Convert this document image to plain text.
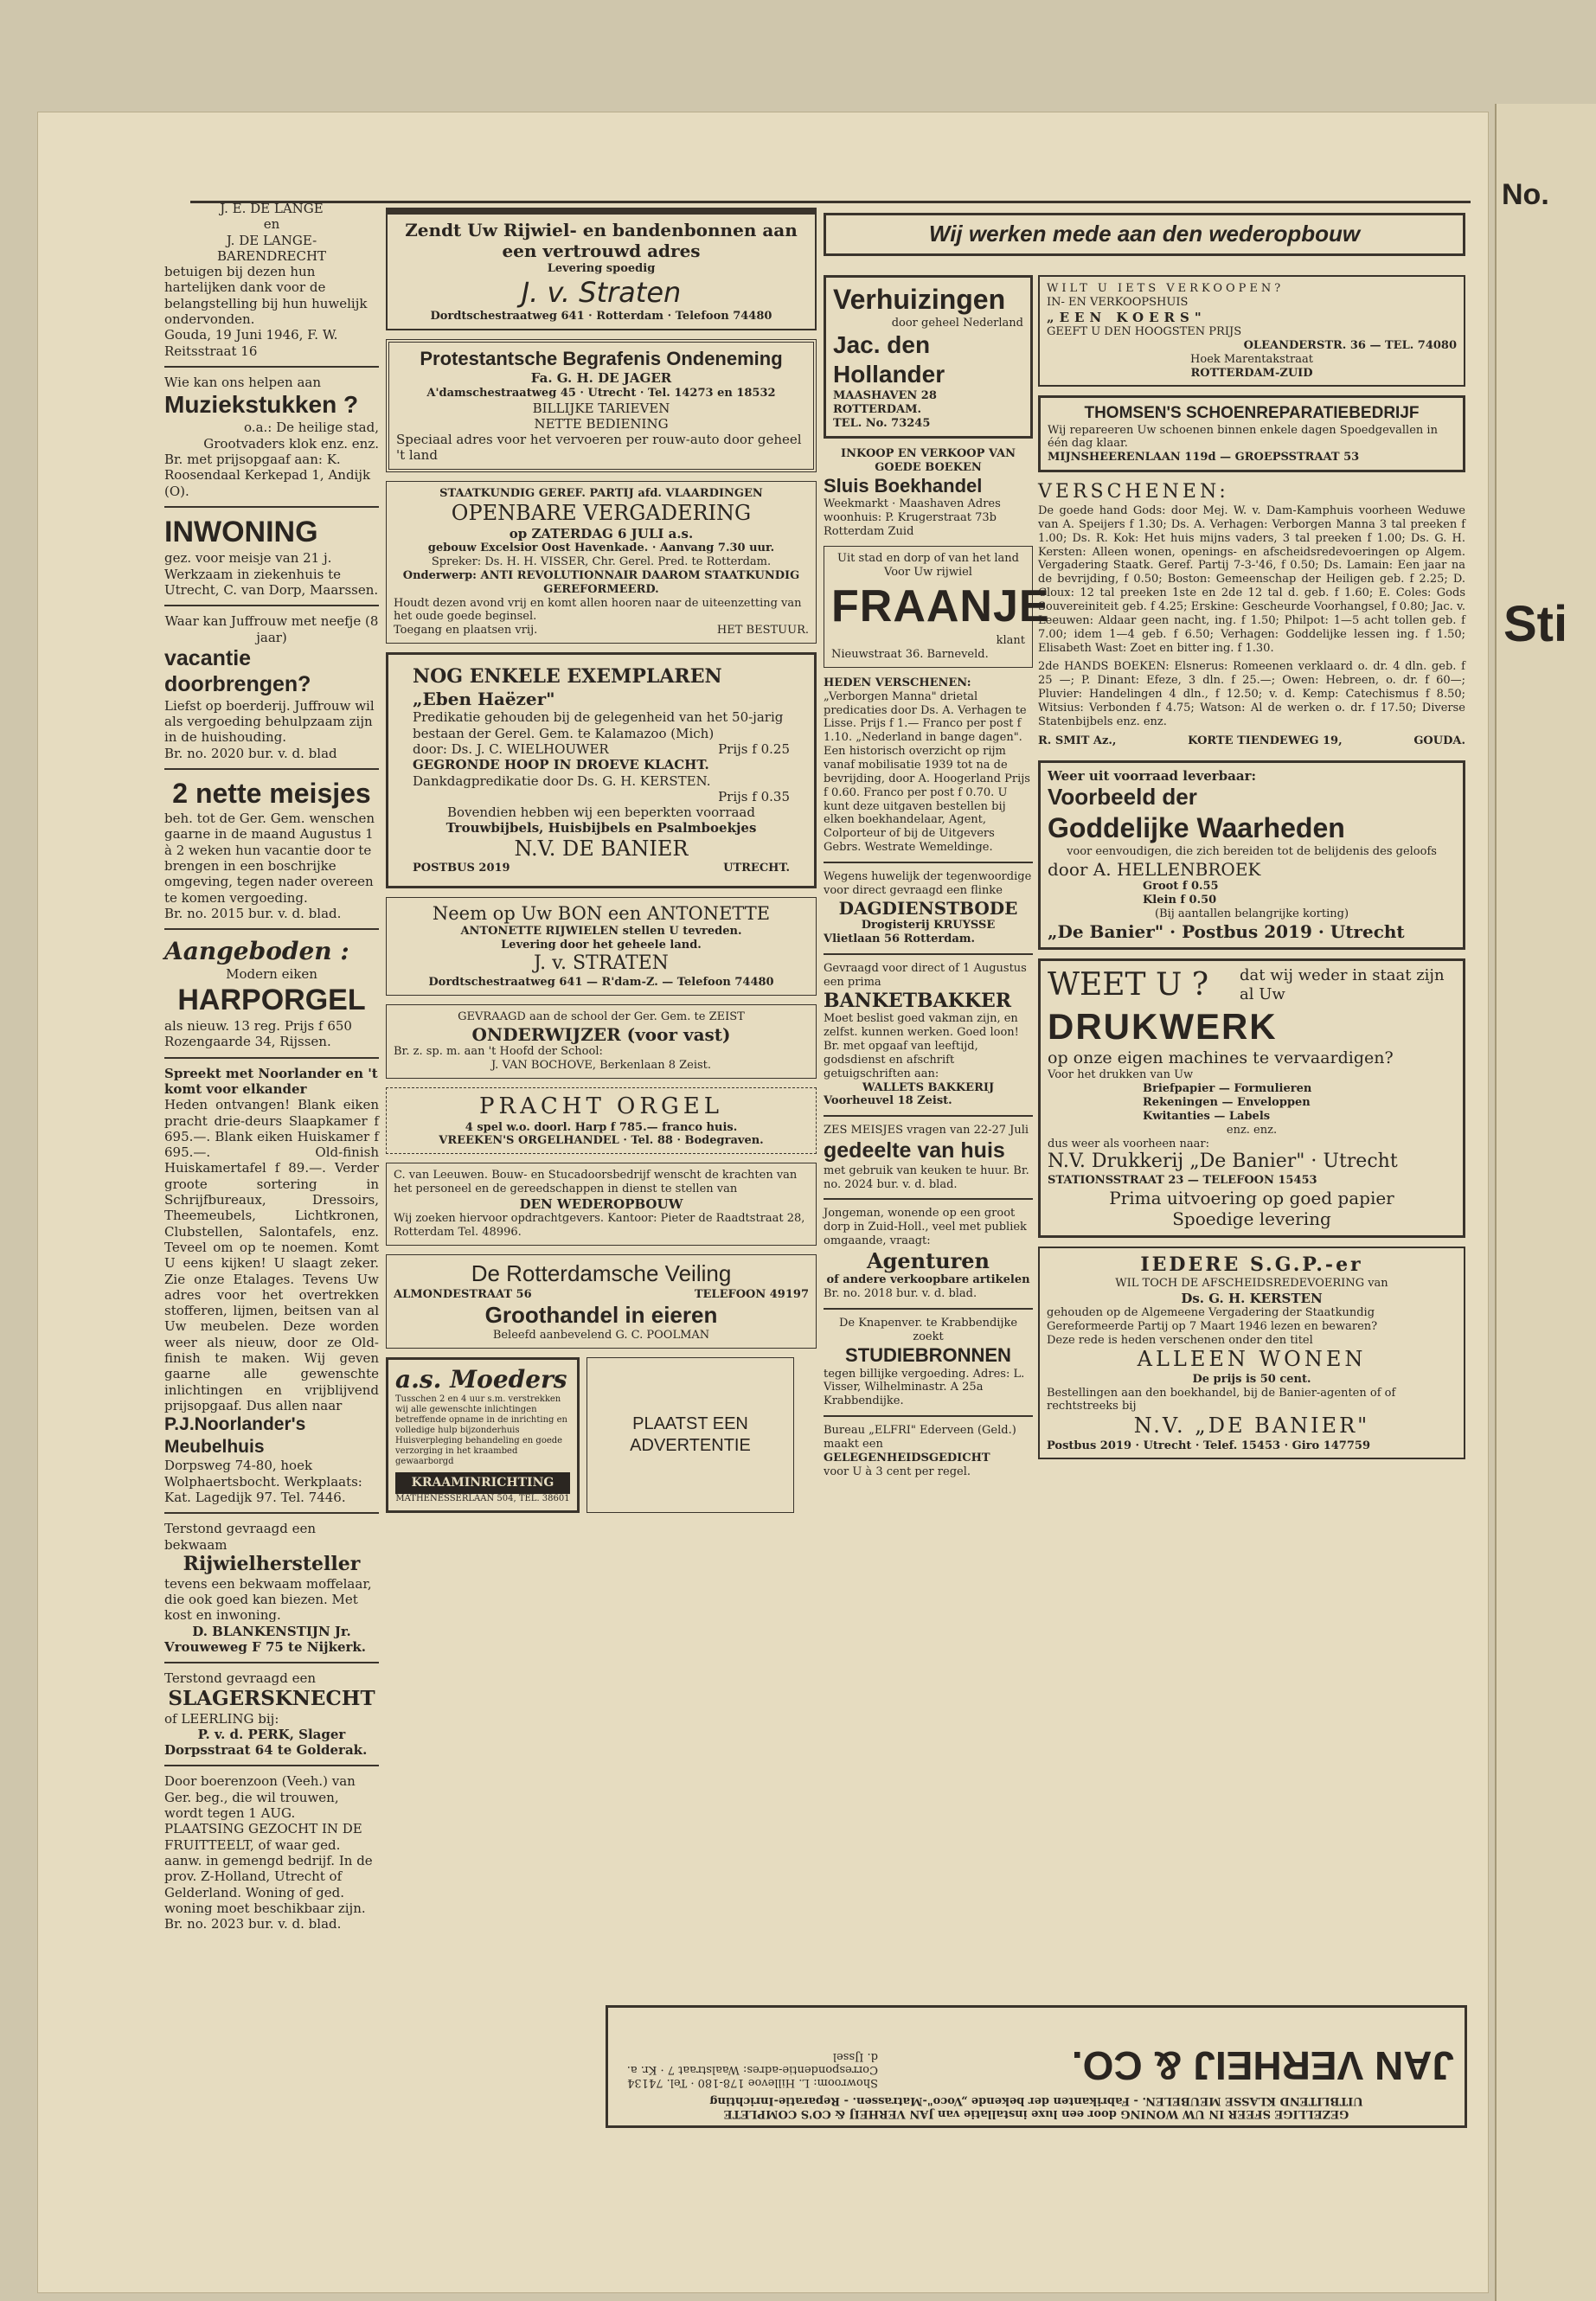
No.
Sti
J. E. DE LANGE
en
J. DE LANGE-
BARENDRECHT
betuigen bij dezen hun hartelijken dank voor de belangstelling bij hun huwelijk ondervonden.
Gouda, 19 Juni 1946, F. W. Reitsstraat 16
Wie kan ons helpen aan
Muziekstukken ?
o.a.: De heilige stad, Grootvaders klok enz. enz.
Br. met prijsopgaaf aan: K. Roosendaal Kerkepad 1, Andijk (O).
INWONING
gez. voor meisje van 21 j. Werkzaam in ziekenhuis te Utrecht, C. van Dorp, Maarssen.
Waar kan Juffrouw met neefje (8 jaar)
vacantie doorbrengen?
Liefst op boerderij. Juffrouw wil als vergoeding behulpzaam zijn in de huishouding.
Br. no. 2020 bur. v. d. blad
2 nette meisjes
beh. tot de Ger. Gem. wenschen gaarne in de maand Augustus 1 à 2 weken hun vacantie door te brengen in een boschrijke omgeving, tegen nader overeen te komen vergoeding.
Br. no. 2015 bur. v. d. blad.
Aangeboden :
Modern eiken
HARPORGEL
als nieuw. 13 reg. Prijs f 650 Rozengaarde 34, Rijssen.
Spreekt met Noorlander en 't komt voor elkander
Heden ontvangen! Blank eiken pracht drie-deurs Slaapkamer f 695.—. Blank eiken Huiskamer f 695.—. Old-finish Huiskamertafel f 89.—. Verder groote sortering in Schrijfbureaux, Dressoirs, Theemeubels, Lichtkronen, Clubstellen, Salontafels, enz. Teveel om op te noemen. Komt U eens kijken! U slaagt zeker. Zie onze Etalages. Tevens Uw adres voor het overtrekken stofferen, lijmen, beitsen van al Uw meubelen. Deze worden weer als nieuw, door ze Old-finish te maken. Wij geven gaarne alle gewenschte inlichtingen en vrijblijvend prijsopgaaf. Dus allen naar
P.J.Noorlander's Meubelhuis
Dorpsweg 74-80, hoek Wolphaertsbocht. Werkplaats: Kat. Lagedijk 97. Tel. 7446.
Terstond gevraagd een bekwaam
Rijwielhersteller
tevens een bekwaam moffelaar, die ook goed kan biezen. Met kost en inwoning.
D. BLANKENSTIJN Jr.
Vrouweweg F 75 te Nijkerk.
Terstond gevraagd een
SLAGERSKNECHT
of LEERLING bij:
P. v. d. PERK, Slager
Dorpsstraat 64 te Golderak.
Door boerenzoon (Veeh.) van Ger. beg., die wil trouwen, wordt tegen 1 AUG. PLAATSING GEZOCHT IN DE FRUITTEELT, of waar ged. aanw. in gemengd bedrijf. In de prov. Z-Holland, Utrecht of Gelderland. Woning of ged. woning moet beschikbaar zijn.
Br. no. 2023 bur. v. d. blad.
Zendt Uw Rijwiel- en bandenbonnen aan een vertrouwd adres
Levering spoedig
J. v. Straten
Dordtschestraatweg 641 · Rotterdam · Telefoon 74480
Protestantsche Begrafenis Ondeneming
Fa. G. H. DE JAGER
A'damschestraatweg 45 · Utrecht · Tel. 14273 en 18532
BILLIJKE TARIEVEN
NETTE BEDIENING
Speciaal adres voor het vervoeren per rouw-auto door geheel 't land
STAATKUNDIG GEREF. PARTIJ afd. VLAARDINGEN
OPENBARE VERGADERING
op ZATERDAG 6 JULI a.s.
gebouw Excelsior Oost Havenkade. · Aanvang 7.30 uur.
Spreker: Ds. H. H. VISSER, Chr. Gerel. Pred. te Rotterdam.
Onderwerp: ANTI REVOLUTIONNAIR DAAROM STAATKUNDIG GEREFORMEERD.
Houdt dezen avond vrij en komt allen hooren naar de uiteenzetting van het oude goede beginsel.
Toegang en plaatsen vrij.	HET BESTUUR.
NOG ENKELE EXEMPLAREN
„Eben Haëzer"
Predikatie gehouden bij de gelegenheid van het 50-jarig bestaan der Gerel. Gem. te Kalamazoo (Mich)
door: Ds. J. C. WIELHOUWER	Prijs f 0.25
GEGRONDE HOOP IN DROEVE KLACHT.
Dankdagpredikatie door Ds. G. H. KERSTEN.
Prijs f 0.35
Bovendien hebben wij een beperkten voorraad
Trouwbijbels, Huisbijbels en Psalmboekjes
N.V. DE BANIER
POSTBUS 2019	UTRECHT.
Neem op Uw BON een ANTONETTE
ANTONETTE RIJWIELEN stellen U tevreden.
Levering door het geheele land.
J. v. STRATEN
Dordtschestraatweg 641 — R'dam-Z. — Telefoon 74480
GEVRAAGD aan de school der Ger. Gem. te ZEIST
ONDERWIJZER (voor vast)
Br. z. sp. m. aan 't Hoofd der School:
J. VAN BOCHOVE, Berkenlaan 8 Zeist.
PRACHT ORGEL
4 spel w.o. doorl. Harp f 785.— franco huis.
VREEKEN'S ORGELHANDEL · Tel. 88 · Bodegraven.
C. van Leeuwen. Bouw- en Stucadoorsbedrijf wenscht de krachten van het personeel en de gereedschappen in dienst te stellen van
DEN WEDEROPBOUW
Wij zoeken hiervoor opdrachtgevers. Kantoor: Pieter de Raadtstraat 28, Rotterdam Tel. 48996.
De Rotterdamsche Veiling
ALMONDESTRAAT 56	TELEFOON 49197
Groothandel in eieren
Beleefd aanbevelend G. C. POOLMAN
a.s. Moeders
Tusschen 2 en 4 uur s.m. verstrekken wij alle gewenschte inlichtingen betreffende opname in de inrichting en volledige hulp bijzonderhuis Huisverpleging behandeling en goede verzorging in het kraambed gewaarborgd
KRAAMINRICHTING
MATHENESSERLAAN 504, TEL. 38601
PLAATST EEN ADVERTENTIE
Wij werken mede aan den wederopbouw
Verhuizingen
door geheel Nederland
Jac. den Hollander
MAASHAVEN 28
ROTTERDAM.
TEL. No. 73245
INKOOP EN VERKOOP VAN GOEDE BOEKEN
Sluis Boekhandel
Weekmarkt · Maashaven Adres woonhuis: P. Krugerstraat 73b Rotterdam Zuid
Uit stad en dorp of van het land Voor Uw rijwiel
FRAANJE
klant
Nieuwstraat 36. Barneveld.
HEDEN VERSCHENEN:
„Verborgen Manna" drietal predicaties door Ds. A. Verhagen te Lisse. Prijs f 1.— Franco per post f 1.10. „Nederland in bange dagen". Een historisch overzicht op rijm vanaf mobilisatie 1939 tot na de bevrijding, door A. Hoogerland Prijs f 0.60. Franco per post f 0.70. U kunt deze uitgaven bestellen bij elken boekhandelaar, Agent, Colporteur of bij de Uitgevers Gebrs. Westrate Wemeldinge.
Wegens huwelijk der tegenwoordige voor direct gevraagd een flinke
DAGDIENSTBODE
Drogisterij KRUYSSE
Vlietlaan 56 Rotterdam.
Gevraagd voor direct of 1 Augustus een prima
BANKETBAKKER
Moet beslist goed vakman zijn, en zelfst. kunnen werken. Goed loon! Br. met opgaaf van leeftijd, godsdienst en afschrift getuigschriften aan:
WALLETS BAKKERIJ
Voorheuvel 18 Zeist.
ZES MEISJES vragen van 22-27 Juli
gedeelte van huis
met gebruik van keuken te huur. Br. no. 2024 bur. v. d. blad.
Jongeman, wonende op een groot dorp in Zuid-Holl., veel met publiek omgaande, vraagt:
Agenturen
of andere verkoopbare artikelen
Br. no. 2018 bur. v. d. blad.
De Knapenver. te Krabbendijke zoekt
STUDIEBRONNEN
tegen billijke vergoeding. Adres: L. Visser, Wilhelminastr. A 25a Krabbendijke.
Bureau „ELFRI" Ederveen (Geld.) maakt een
GELEGENHEIDSGEDICHT
voor U à 3 cent per regel.
WILT U IETS VERKOOPEN?
IN- EN VERKOOPSHUIS
„EEN KOERS"
GEEFT U DEN HOOGSTEN PRIJS
OLEANDERSTR. 36 — TEL. 74080
Hoek Marentakstraat
ROTTERDAM-ZUID
THOMSEN'S SCHOENREPARATIEBEDRIJF
Wij repareeren Uw schoenen binnen enkele dagen Spoedgevallen in één dag klaar.
MIJNSHEERENLAAN 119d — GROEPSSTRAAT 53
VERSCHENEN:
De goede hand Gods: door Mej. W. v. Dam-Kamphuis voorheen Weduwe van A. Speijers f 1.30; Ds. A. Verhagen: Verborgen Manna 3 tal preeken f 1.00; Ds. R. Kok: Het huis mijns vaders, 3 tal preeken f 1.00; Ds. G. H. Kersten: Alleen wonen, openings- en afscheidsredevoeringen op Algem. Vergadering Staatk. Geref. Partij 7-3-'46, f 0.50; Ds. Lamain: Een jaar na de bevrijding, f 0.50; Boston: Gemeenschap der Heiligen geb. f 2.25; D. Cloux: 12 tal preeken 1ste en 2de 12 tal d. geb. f 1.60; E. Coles: Gods Souvereiniteit geb. f 4.25; Erskine: Gescheurde Voorhangsel, f 0.80; Jac. v. Leeuwen: Aldaar geen nacht, ing. f 1.50; Philpot: 1—5 acht tollen geb. f 7.00; idem 1—4 geb. f 6.50; Verhagen: Goddelijke lessen ing. f 1.50; Elisabeth Wast: Zoet en bitter ing. f 1.30.
2de HANDS BOEKEN: Elsnerus: Romeenen verklaard o. dr. 4 dln. geb. f 25 —; P. Dinant: Efeze, 3 dln. f 25.—; Owen: Hebreen, o. dr. f 60—; Pluvier: Handelingen 4 dln., f 12.50; v. d. Kemp: Catechismus f 8.50; Witsius: Verbonden f 4.75; Watson: Al de werken o. dr. f 17.50; Diverse Statenbijbels enz. enz.
R. SMIT Az.,	KORTE TIENDEWEG 19,	GOUDA.
Weer uit voorraad leverbaar:
Voorbeeld der
Goddelijke Waarheden
voor eenvoudigen, die zich bereiden tot de belijdenis des geloofs
door A. HELLENBROEK
Groot f 0.55
Klein f 0.50
(Bij aantallen belangrijke korting)
„De Banier" · Postbus 2019 · Utrecht
WEET U ? dat wij weder in staat zijn al Uw
DRUKWERK
op onze eigen machines te vervaardigen?
Voor het drukken van Uw
Briefpapier — Formulieren
Rekeningen — Enveloppen
Kwitanties — Labels
enz. enz.
dus weer als voorheen naar:
N.V. Drukkerij „De Banier" · Utrecht
STATIONSSTRAAT 23 — TELEFOON 15453
Prima uitvoering op goed papier
Spoedige levering
IEDERE S.G.P.-er
WIL TOCH DE AFSCHEIDSREDEVOERING van
Ds. G. H. KERSTEN
gehouden op de Algemeene Vergadering der Staatkundig Gereformeerde Partij op 7 Maart 1946 lezen en bewaren?
Deze rede is heden verschenen onder den titel
ALLEEN WONEN
De prijs is 50 cent.
Bestellingen aan den boekhandel, bij de Banier-agenten of of rechtstreeks bij
N.V. „DE BANIER"
Postbus 2019 · Utrecht · Telef. 15453 · Giro 147759
GEZELLIGE SFEER IN UW WONING door een luxe installatie van JAN VERHEIJ & CO'S COMPLETE
UITBLITEND KLASSE MEUBELEN. - Fabrikanten der bekende „Voco"-Matrassen. - Reparatie-Inrichting
JAN VERHEIJ & CO.
Showroom: L. Hillevoe 178-180 · Tel. 74134 Correspondentie-adres: Waalstraat 7 · Kr. a. d. IJssel
